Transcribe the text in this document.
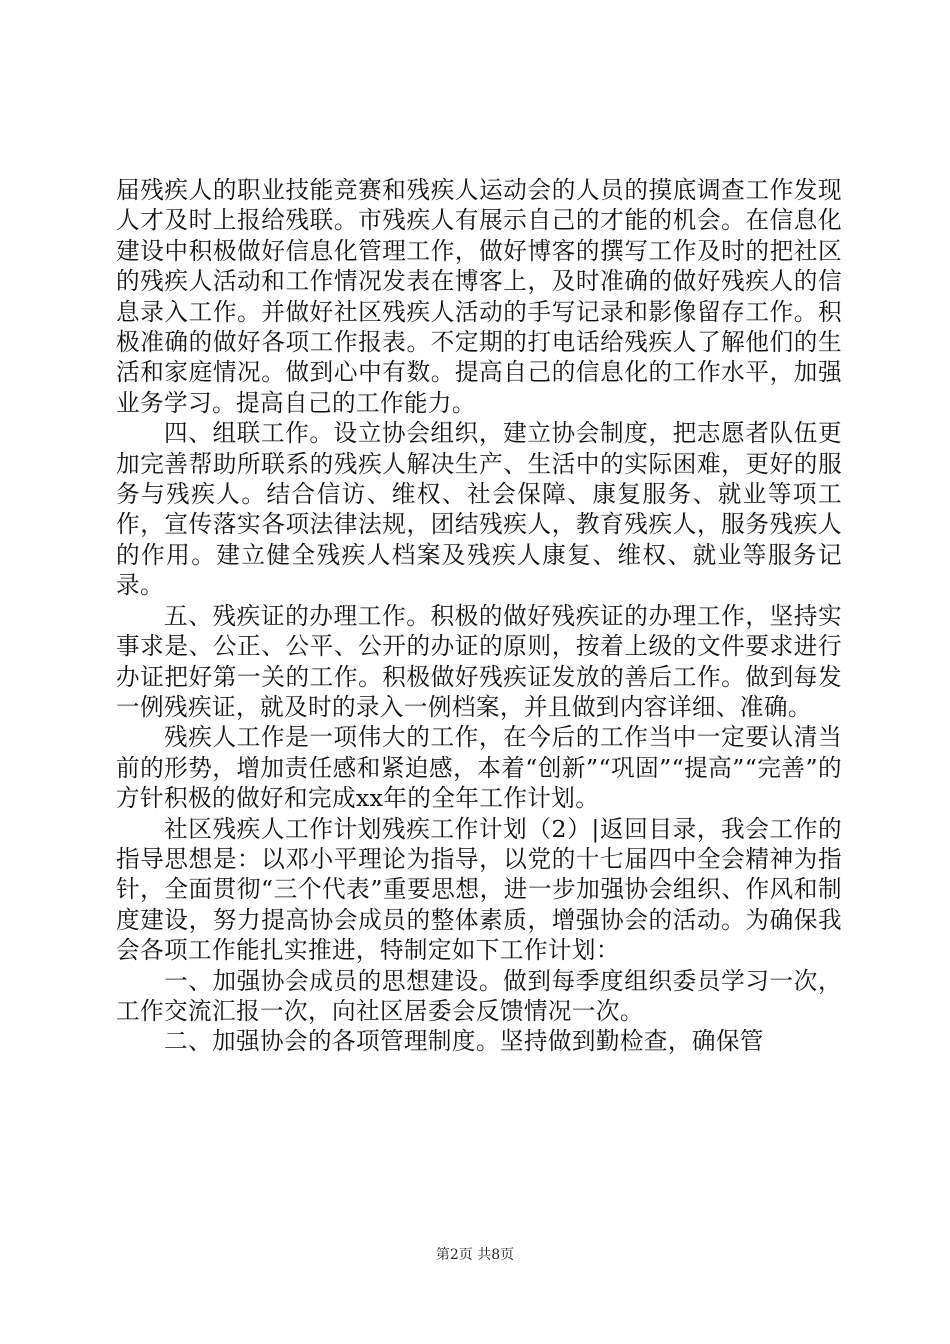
届残疾人的职业技能竞赛和残疾人运动会的人员的摸底调查工作发现人才及时上报给残联。市残疾人有展示自己的才能的机会。在信息化建设中积极做好信息化管理工作，做好博客的撰写工作及时的把社区的残疾人活动和工作情况发表在博客上，及时准确的做好残疾人的信息录入工作。并做好社区残疾人活动的手写记录和影像留存工作。积极准确的做好各项工作报表。不定期的打电话给残疾人了解他们的生活和家庭情况。做到心中有数。提高自己的信息化的工作水平，加强业务学习。提高自己的工作能力。

四、组联工作。设立协会组织，建立协会制度，把志愿者队伍更加完善帮助所联系的残疾人解决生产、生活中的实际困难，更好的服务与残疾人。结合信访、维权、社会保障、康复服务、就业等项工作，宣传落实各项法律法规，团结残疾人，教育残疾人，服务残疾人的作用。建立健全残疾人档案及残疾人康复、维权、就业等服务记录。

五、残疾证的办理工作。积极的做好残疾证的办理工作，坚持实事求是、公正、公平、公开的办证的原则，按着上级的文件要求进行办证把好第一关的工作。积极做好残疾证发放的善后工作。做到每发一例残疾证，就及时的录入一例档案，并且做到内容详细、准确。

残疾人工作是一项伟大的工作，在今后的工作当中一定要认清当前的形势，增加责任感和紧迫感，本着“创新”“巩固”“提高”“完善”的方针积极的做好和完成xx年的全年工作计划。

社区残疾人工作计划残疾工作计划（2）|返回目录，我会工作的指导思想是：以邓小平理论为指导，以党的十七届四中全会精神为指针，全面贯彻“三个代表”重要思想，进一步加强协会组织、作风和制度建设，努力提高协会成员的整体素质，增强协会的活动。为确保我会各项工作能扎实推进，特制定如下工作计划：

一、加强协会成员的思想建设。做到每季度组织委员学习一次，工作交流汇报一次，向社区居委会反馈情况一次。

二、加强协会的各项管理制度。坚持做到勤检查，确保管

第2页 共8页
